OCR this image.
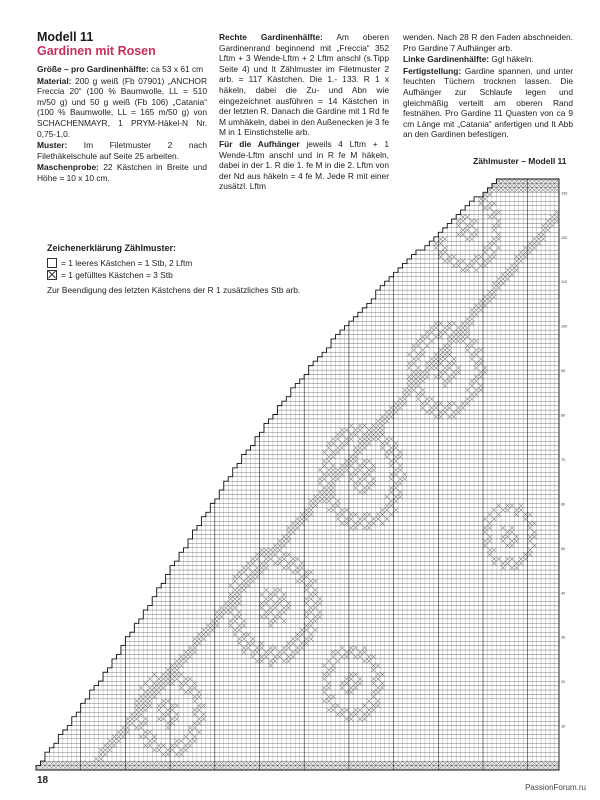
Modell 11
Gardinen mit Rosen

Größe – pro Gardinenhälfte: ca 53 x 61 cm

Material: 200 g weiß (Fb 07901) „ANCHOR Freccia 20“ (100 % Baumwolle, LL = 510 m/50 g) und 50 g weiß (Fb 106) „Catania“ (100 % Baumwolle, LL = 165 m/50 g) von SCHACHENMAYR, 1 PRYM-Häkel-N Nr. 0,75-1,0.

Muster: Im Filetmuster 2 nach Filethäkelschule auf Seite 25 arbeiten.

Maschenprobe: 22 Kästchen in Breite und Höhe = 10 x 10 cm.

Rechte Gardinenhälfte: Am oberen Gardinenrand beginnend mit „Freccia“ 352 Lftm + 3 Wende-Lftm + 2 Lftm anschl (s.Tipp Seite 4) und lt Zählmuster im Filetmuster 2 arb. = 117 Kästchen. Die 1.- 133. R 1 x häkeln, dabei die Zu- und Abn wie eingezeichnet ausführen = 14 Kästchen in der letzten R. Danach die Gardine mit 1 Rd fe M umhäkeln, dabei in den Außenecken je 3 fe M in 1 Einstichstelle arb.

Für die Aufhänger jeweils 4 Lftm + 1 Wende-Lftm anschl und in R fe M häkeln, dabei in der 1. R die 1. fe M in die 2. Lftm von der Nd aus häkeln = 4 fe M. Jede R mit einer zusätzl. Lftm

wenden. Nach 28 R den Faden abschneiden. Pro Gardine 7 Aufhänger arb.

Linke Gardinenhälfte: Ggl häkeln.

Fertigstellung: Gardine spannen, und unter feuchten Tüchern trocknen lassen. Die Aufhänger zur Schlaufe legen und gleichmäßig verteilt am oberen Rand festnähen. Pro Gardine 11 Quasten von ca 9 cm Länge mit „Catania“ anfertigen und lt Abb an den Gardinen befestigen.

Zählmuster – Modell 11
10
20
30
40
50
60
70
80
90
100
110
120
130
Zeichenerklärung Zählmuster:
= 1 leeres Kästchen = 1 Stb, 2 Lftm
= 1 gefülltes Kästchen = 3 Stb
Zur Beendigung des letzten Kästchens der R 1 zusätzliches Stb arb.
18
PassionForum.ru
